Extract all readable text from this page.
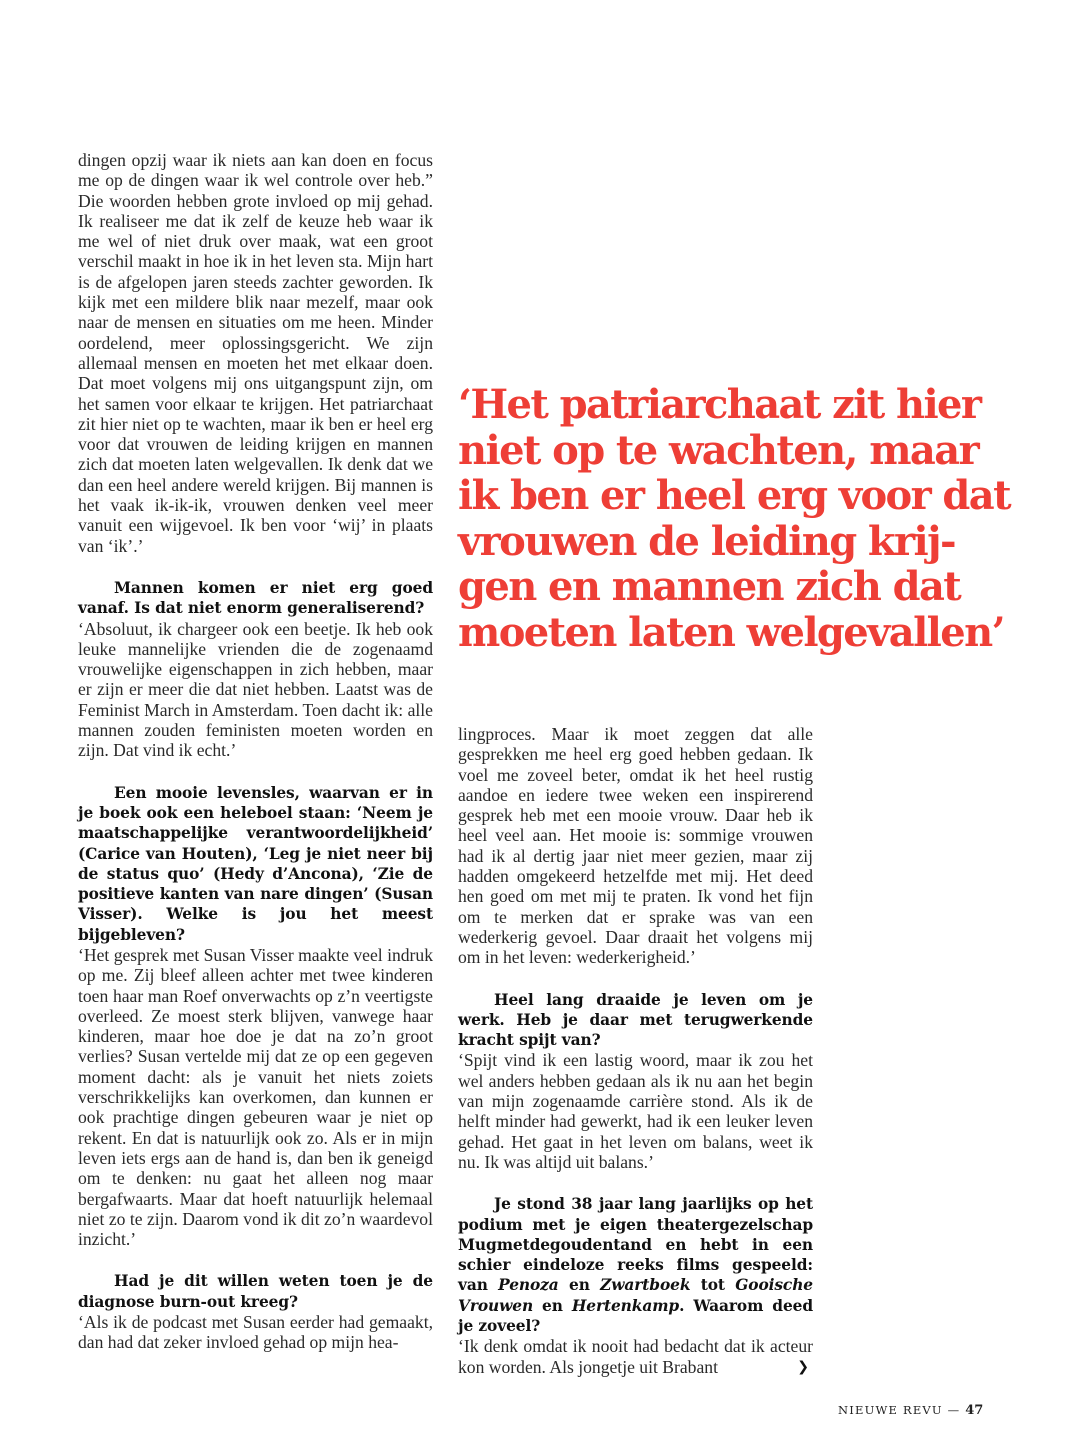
dingen opzij waar ik niets aan kan doen en focus me op de dingen waar ik wel controle over heb.” Die woorden hebben grote invloed op mij gehad. Ik realiseer me dat ik zelf de keuze heb waar ik me wel of niet druk over maak, wat een groot verschil maakt in hoe ik in het leven sta. Mijn hart is de afgelopen jaren steeds zachter geworden. Ik kijk met een mildere blik naar mezelf, maar ook naar de mensen en situaties om me heen. Minder oordelend, meer oplossingsgericht. We zijn allemaal mensen en moeten het met elkaar doen. Dat moet volgens mij ons uitgangspunt zijn, om het samen voor elkaar te krijgen. Het patriarchaat zit hier niet op te wachten, maar ik ben er heel erg voor dat vrouwen de leiding krijgen en mannen zich dat moeten laten welgevallen. Ik denk dat we dan een heel andere wereld krijgen. Bij mannen is het vaak ik-ik-ik, vrouwen denken veel meer vanuit een wijgevoel. Ik ben voor ‘wij’ in plaats van ‘ik’.’

Mannen komen er niet erg goed vanaf. Is dat niet enorm generaliserend?

‘Absoluut, ik chargeer ook een beetje. Ik heb ook leuke mannelijke vrienden die de zogenaamd vrouwelijke eigenschappen in zich hebben, maar er zijn er meer die dat niet hebben. Laatst was de Feminist March in Amsterdam. Toen dacht ik: alle mannen zouden feministen moeten worden en zijn. Dat vind ik echt.’

Een mooie levensles, waarvan er in je boek ook een heleboel staan: ‘Neem je maatschappelijke verantwoordelijkheid’ (Carice van Houten), ‘Leg je niet neer bij de status quo’ (Hedy d’Ancona), ‘Zie de positieve kanten van nare dingen’ (Susan Visser). Welke is jou het meest bijgebleven?

‘Het gesprek met Susan Visser maakte veel indruk op me. Zij bleef alleen achter met twee kinderen toen haar man Roef onverwachts op z’n veertigste overleed. Ze moest sterk blijven, vanwege haar kinderen, maar hoe doe je dat na zo’n groot verlies? Susan vertelde mij dat ze op een gegeven moment dacht: als je vanuit het niets zoiets verschrikkelijks kan overkomen, dan kunnen er ook prachtige dingen gebeuren waar je niet op rekent. En dat is natuurlijk ook zo. Als er in mijn leven iets ergs aan de hand is, dan ben ik geneigd om te denken: nu gaat het alleen nog maar bergafwaarts. Maar dat hoeft natuurlijk helemaal niet zo te zijn. Daarom vond ik dit zo’n waardevol inzicht.’

Had je dit willen weten toen je de diagnose burn-out kreeg?

‘Als ik de podcast met Susan eerder had gemaakt, dan had dat zeker invloed gehad op mijn hea-

‘Het patriarchaat zit hier
niet op te wachten, maar
ik ben er heel erg voor dat
vrouwen de leiding krij-
gen en mannen zich dat
moeten laten welgevallen’

lingproces. Maar ik moet zeggen dat alle gesprekken me heel erg goed hebben gedaan. Ik voel me zoveel beter, omdat ik het heel rustig aandoe en iedere twee weken een inspirerend gesprek heb met een mooie vrouw. Daar heb ik heel veel aan. Het mooie is: sommige vrouwen had ik al dertig jaar niet meer gezien, maar zij hadden omgekeerd hetzelfde met mij. Het deed hen goed om met mij te praten. Ik vond het fijn om te merken dat er sprake was van een wederkerig gevoel. Daar draait het volgens mij om in het leven: wederkerigheid.’

Heel lang draaide je leven om je werk. Heb je daar met terugwerkende kracht spijt van?

‘Spijt vind ik een lastig woord, maar ik zou het wel anders hebben gedaan als ik nu aan het begin van mijn zogenaamde carrière stond. Als ik de helft minder had gewerkt, had ik een leuker leven gehad. Het gaat in het leven om balans, weet ik nu. Ik was altijd uit balans.’

Je stond 38 jaar lang jaarlijks op het podium met je eigen theatergezelschap Mugmetdegoudentand en hebt in een schier eindeloze reeks films gespeeld: van Penoza en Zwartboek tot Gooische Vrouwen en Hertenkamp. Waarom deed je zoveel?

‘Ik denk omdat ik nooit had bedacht dat ik acteur kon worden. Als jongetje uit Brabant	❯

NIEUWE REVU — 47
